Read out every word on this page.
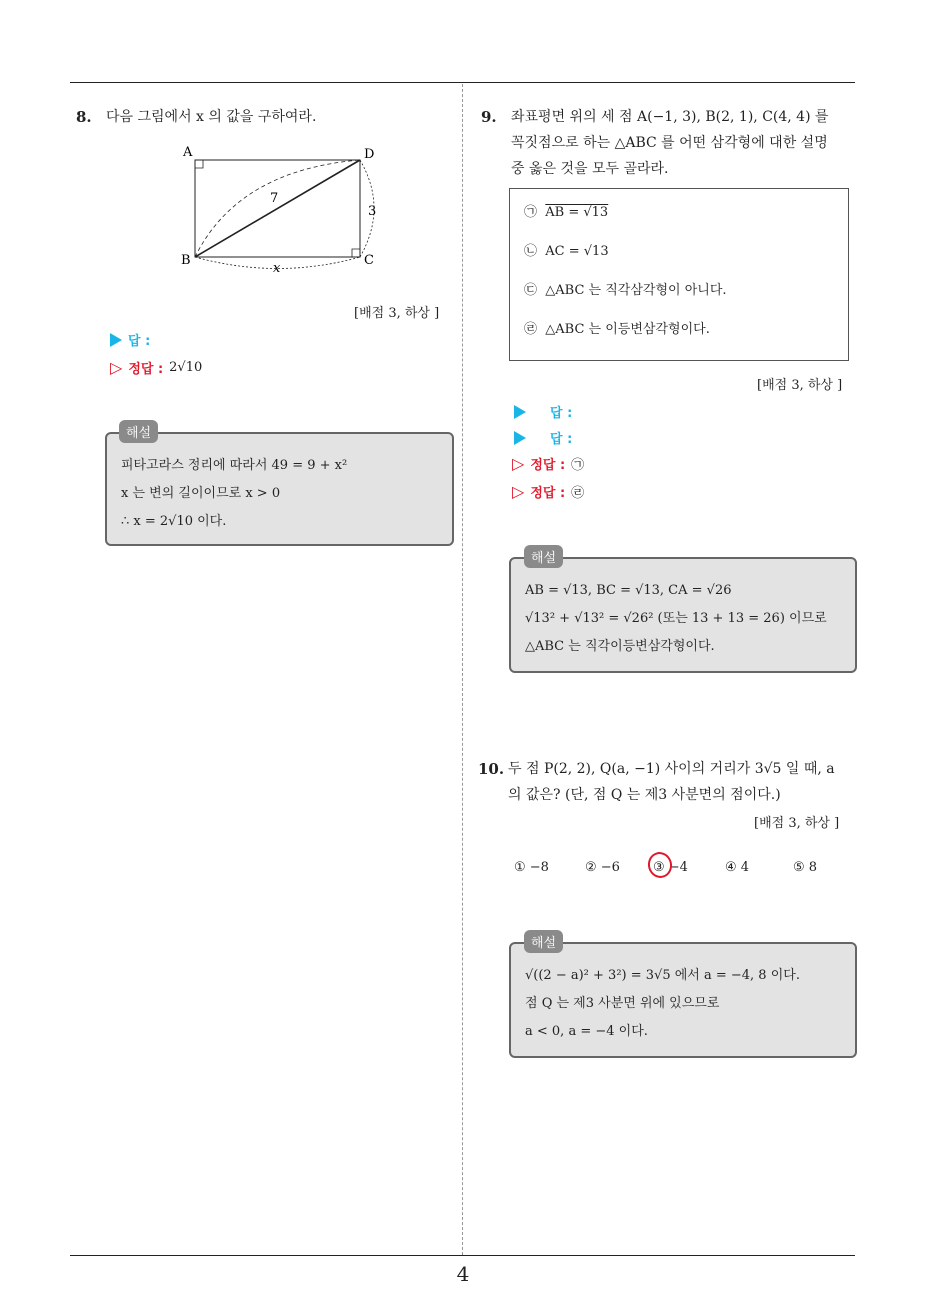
8. 다음 그림에서 x 의 값을 구하여라.
A	D
B	C
7
3
x
[배점 3, 하상 ]
답 :
▷ 정답 : 2√10
피타고라스 정리에 따라서 49 = 9 + x²
x 는 변의 길이이므로 x > 0
∴ x = 2√10 이다.
해설
9. 좌표평면 위의 세 점 A(−1, 3), B(2, 1), C(4, 4) 를
꼭짓점으로 하는 △ABC 를 어떤 삼각형에 대한 설명
중 옳은 것을 모두 골라라.
㉠ AB = √13
㉡ AC = √13
㉢ △ABC 는 직각삼각형이 아니다.
㉣ △ABC 는 이등변삼각형이다.
[배점 3, 하상 ]
답 :
답 :
▷ 정답 : ㉠
▷ 정답 : ㉣
AB = √13, BC = √13, CA = √26
√13² + √13² = √26² (또는 13 + 13 = 26) 이므로
△ABC 는 직각이등변삼각형이다.
해설
10. 두 점 P(2, 2), Q(a, −1) 사이의 거리가 3√5 일 때, a
의 값은? (단, 점 Q 는 제3 사분면의 점이다.)
[배점 3, 하상 ]
① −8	② −6	③ −4	④ 4	⑤ 8
√((2 − a)² + 3²) = 3√5 에서 a = −4, 8 이다.
점 Q 는 제3 사분면 위에 있으므로
a < 0, a = −4 이다.
해설
4
